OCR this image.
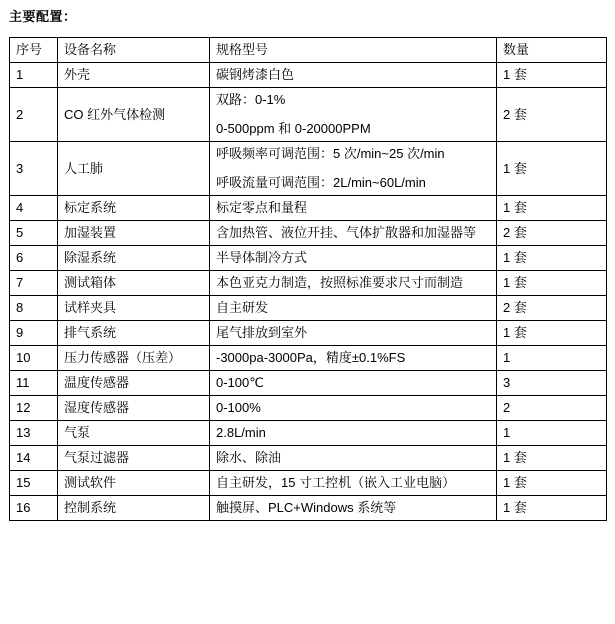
主要配置：
序号	设备名称	规格型号	数量
1	外壳	碳钢烤漆白色	1 套
2	CO 红外气体检测	双路：0-1%
0-500ppm 和 0-20000PPM	2 套
3	人工肺	呼吸频率可调范围：5 次/min~25 次/min
呼吸流量可调范围：2L/min~60L/min	1 套
4	标定系统	标定零点和量程	1 套
5	加湿装置	含加热管、液位开挂、气体扩散器和加湿器等	2 套
6	除湿系统	半导体制冷方式	1 套
7	测试箱体	本色亚克力制造，按照标准要求尺寸而制造	1 套
8	试样夹具	自主研发	2 套
9	排气系统	尾气排放到室外	1 套
10	压力传感器（压差）	-3000pa-3000Pa，精度±0.1%FS	1
11	温度传感器	0-100℃	3
12	湿度传感器	0-100%	2
13	气泵	2.8L/min	1
14	气泵过滤器	除水、除油	1 套
15	测试软件	自主研发，15 寸工控机（嵌入工业电脑）	1 套
16	控制系统	触摸屏、PLC+Windows 系统等	1 套
